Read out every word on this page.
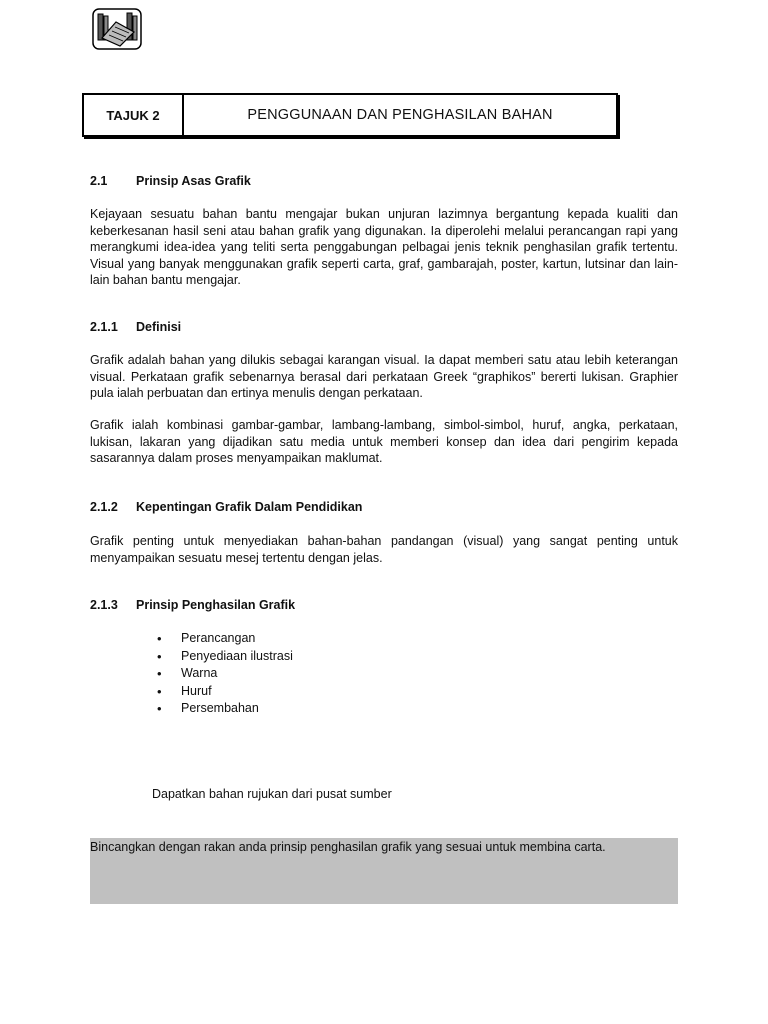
TAJUK 2	PENGGUNAAN DAN PENGHASILAN BAHAN
2.1 Prinsip Asas Grafik
Kejayaan sesuatu bahan bantu mengajar bukan unjuran lazimnya bergantung kepada kualiti dan keberkesanan hasil seni atau bahan grafik yang digunakan. Ia diperolehi melalui perancangan rapi yang merangkumi idea-idea yang teliti serta penggabungan pelbagai jenis teknik penghasilan grafik tertentu. Visual yang banyak menggunakan grafik seperti carta, graf, gambarajah, poster, kartun, lutsinar dan lain-lain bahan bantu mengajar.
2.1.1 Definisi
Grafik adalah bahan yang dilukis sebagai karangan visual. Ia dapat memberi satu atau lebih keterangan visual. Perkataan grafik sebenarnya berasal dari perkataan Greek “graphikos” bererti lukisan. Graphier pula ialah perbuatan dan ertinya menulis dengan perkataan.
Grafik ialah kombinasi gambar-gambar, lambang-lambang, simbol-simbol, huruf, angka, perkataan, lukisan, lakaran yang dijadikan satu media untuk memberi konsep dan idea dari pengirim kepada sasarannya dalam proses menyampaikan maklumat.
2.1.2 Kepentingan Grafik Dalam Pendidikan
Grafik penting untuk menyediakan bahan-bahan pandangan (visual) yang sangat penting untuk menyampaikan sesuatu mesej tertentu dengan jelas.
2.1.3 Prinsip Penghasilan Grafik
• Perancangan
• Penyediaan ilustrasi
• Warna
• Huruf
• Persembahan
Dapatkan bahan rujukan dari pusat sumber
Bincangkan dengan rakan anda prinsip penghasilan grafik yang sesuai untuk membina carta.
